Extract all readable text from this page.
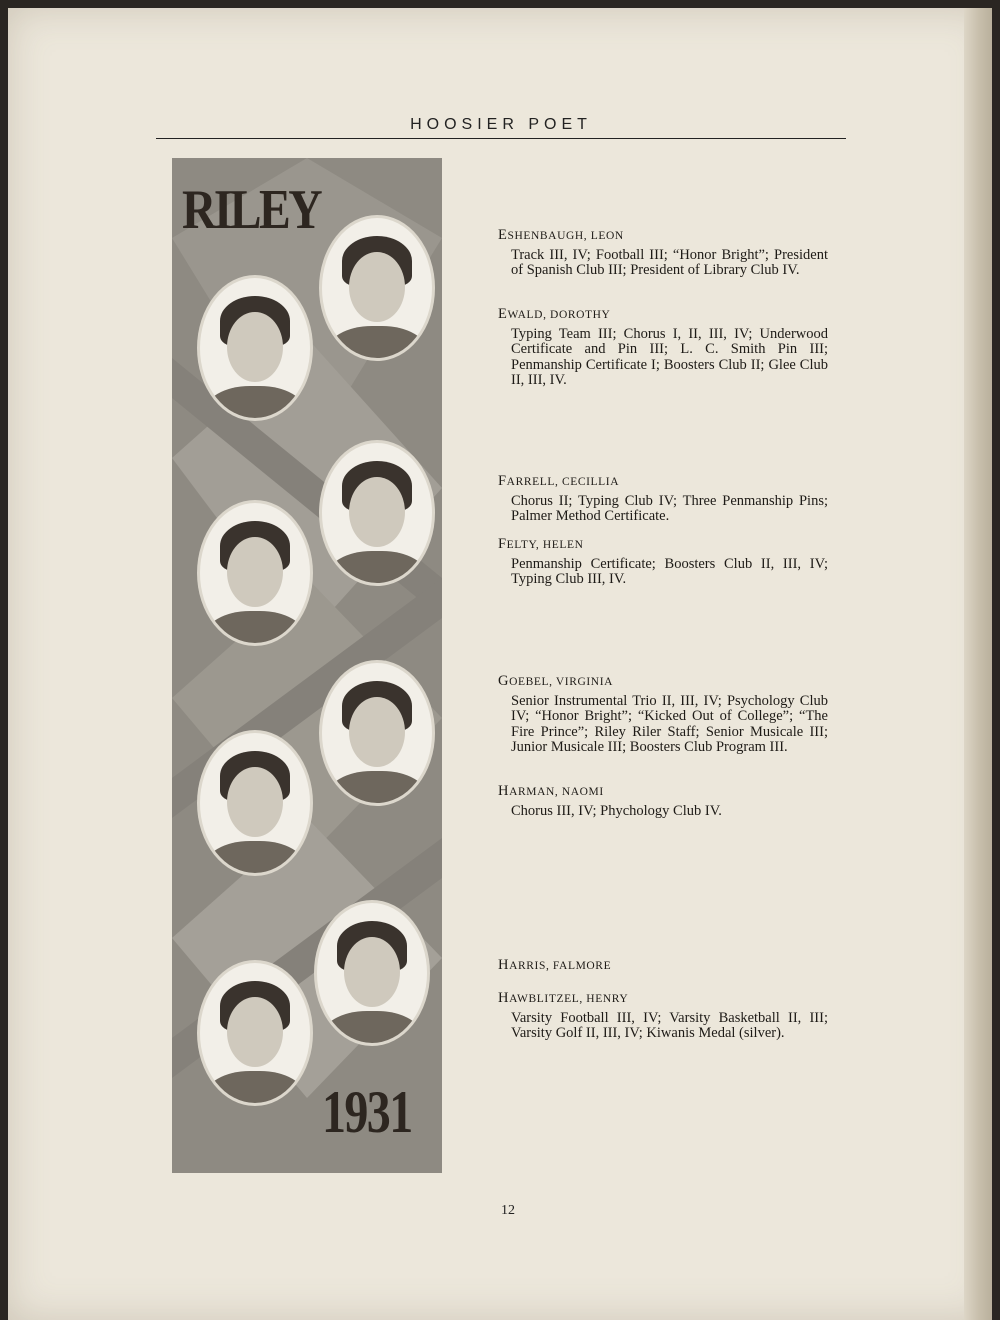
HOOSIER POET
RILEY
1931
ESHENBAUGH, LEON
Track III, IV; Football III; “Honor Bright”; President of Spanish Club III; President of Library Club IV.
EWALD, DOROTHY
Typing Team III; Chorus I, II, III, IV; Underwood Certificate and Pin III; L. C. Smith Pin III; Penmanship Certificate I; Boosters Club II; Glee Club II, III, IV.
FARRELL, CECILLIA
Chorus II; Typing Club IV; Three Penmanship Pins; Palmer Method Certificate.
FELTY, HELEN
Penmanship Certificate; Boosters Club II, III, IV; Typing Club III, IV.
GOEBEL, VIRGINIA
Senior Instrumental Trio II, III, IV; Psychology Club IV; “Honor Bright”; “Kicked Out of College”; “The Fire Prince”; Riley Riler Staff; Senior Musicale III; Junior Musicale III; Boosters Club Program III.
HARMAN, NAOMI
Chorus III, IV; Phychology Club IV.
HARRIS, FALMORE
HAWBLITZEL, HENRY
Varsity Football III, IV; Varsity Basketball II, III; Varsity Golf II, III, IV; Kiwanis Medal (silver).
12
